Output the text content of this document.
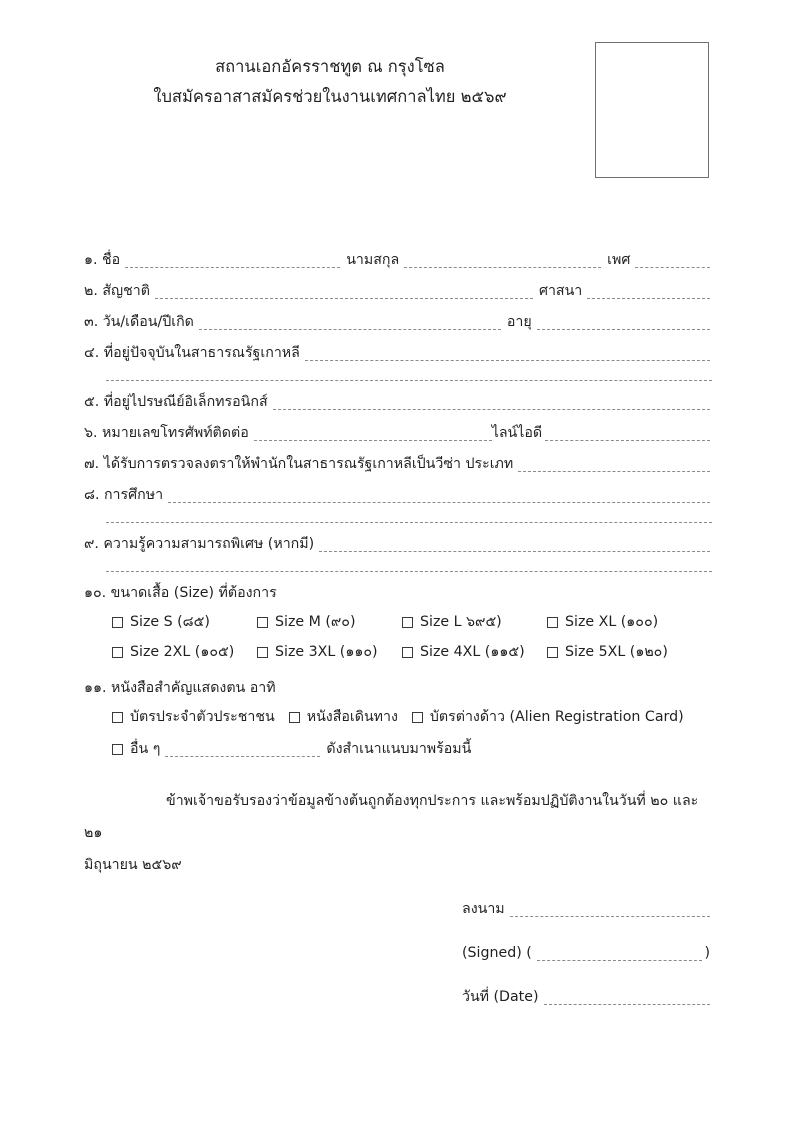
สถานเอกอัครราชทูต ณ กรุงโซล
ใบสมัครอาสาสมัครช่วยในงานเทศกาลไทย ๒๕๖๙
๑. ชื่อ	นามสกุล	เพศ
๒. สัญชาติ	ศาสนา
๓. วัน/เดือน/ปีเกิด	อายุ
๔. ที่อยู่ปัจจุบันในสาธารณรัฐเกาหลี
๕. ที่อยู่ไปรษณีย์อิเล็กทรอนิกส์
๖. หมายเลขโทรศัพท์ติดต่อ	ไลน์ไอดี
๗. ได้รับการตรวจลงตราให้พำนักในสาธารณรัฐเกาหลีเป็นวีซ่า ประเภท
๘. การศึกษา
๙. ความรู้ความสามารถพิเศษ (หากมี)
๑๐. ขนาดเสื้อ (Size) ที่ต้องการ
Size S (๘๕)	Size M (๙๐)	Size L ๖๙๕)	Size XL (๑๐๐)
Size 2XL (๑๐๕)	Size 3XL (๑๑๐)	Size 4XL (๑๑๕)	Size 5XL (๑๒๐)
๑๑. หนังสือสำคัญแสดงตน อาทิ
บัตรประจำตัวประชาชน หนังสือเดินทาง บัตรต่างด้าว (Alien Registration Card)
อื่น ๆ	ดังสำเนาแนบมาพร้อมนี้
ข้าพเจ้าขอรับรองว่าข้อมูลข้างต้นถูกต้องทุกประการ และพร้อมปฏิบัติงานในวันที่ ๒๐ และ ๒๑
มิถุนายน ๒๕๖๙
ลงนาม
(Signed) (	)
วันที่ (Date)
